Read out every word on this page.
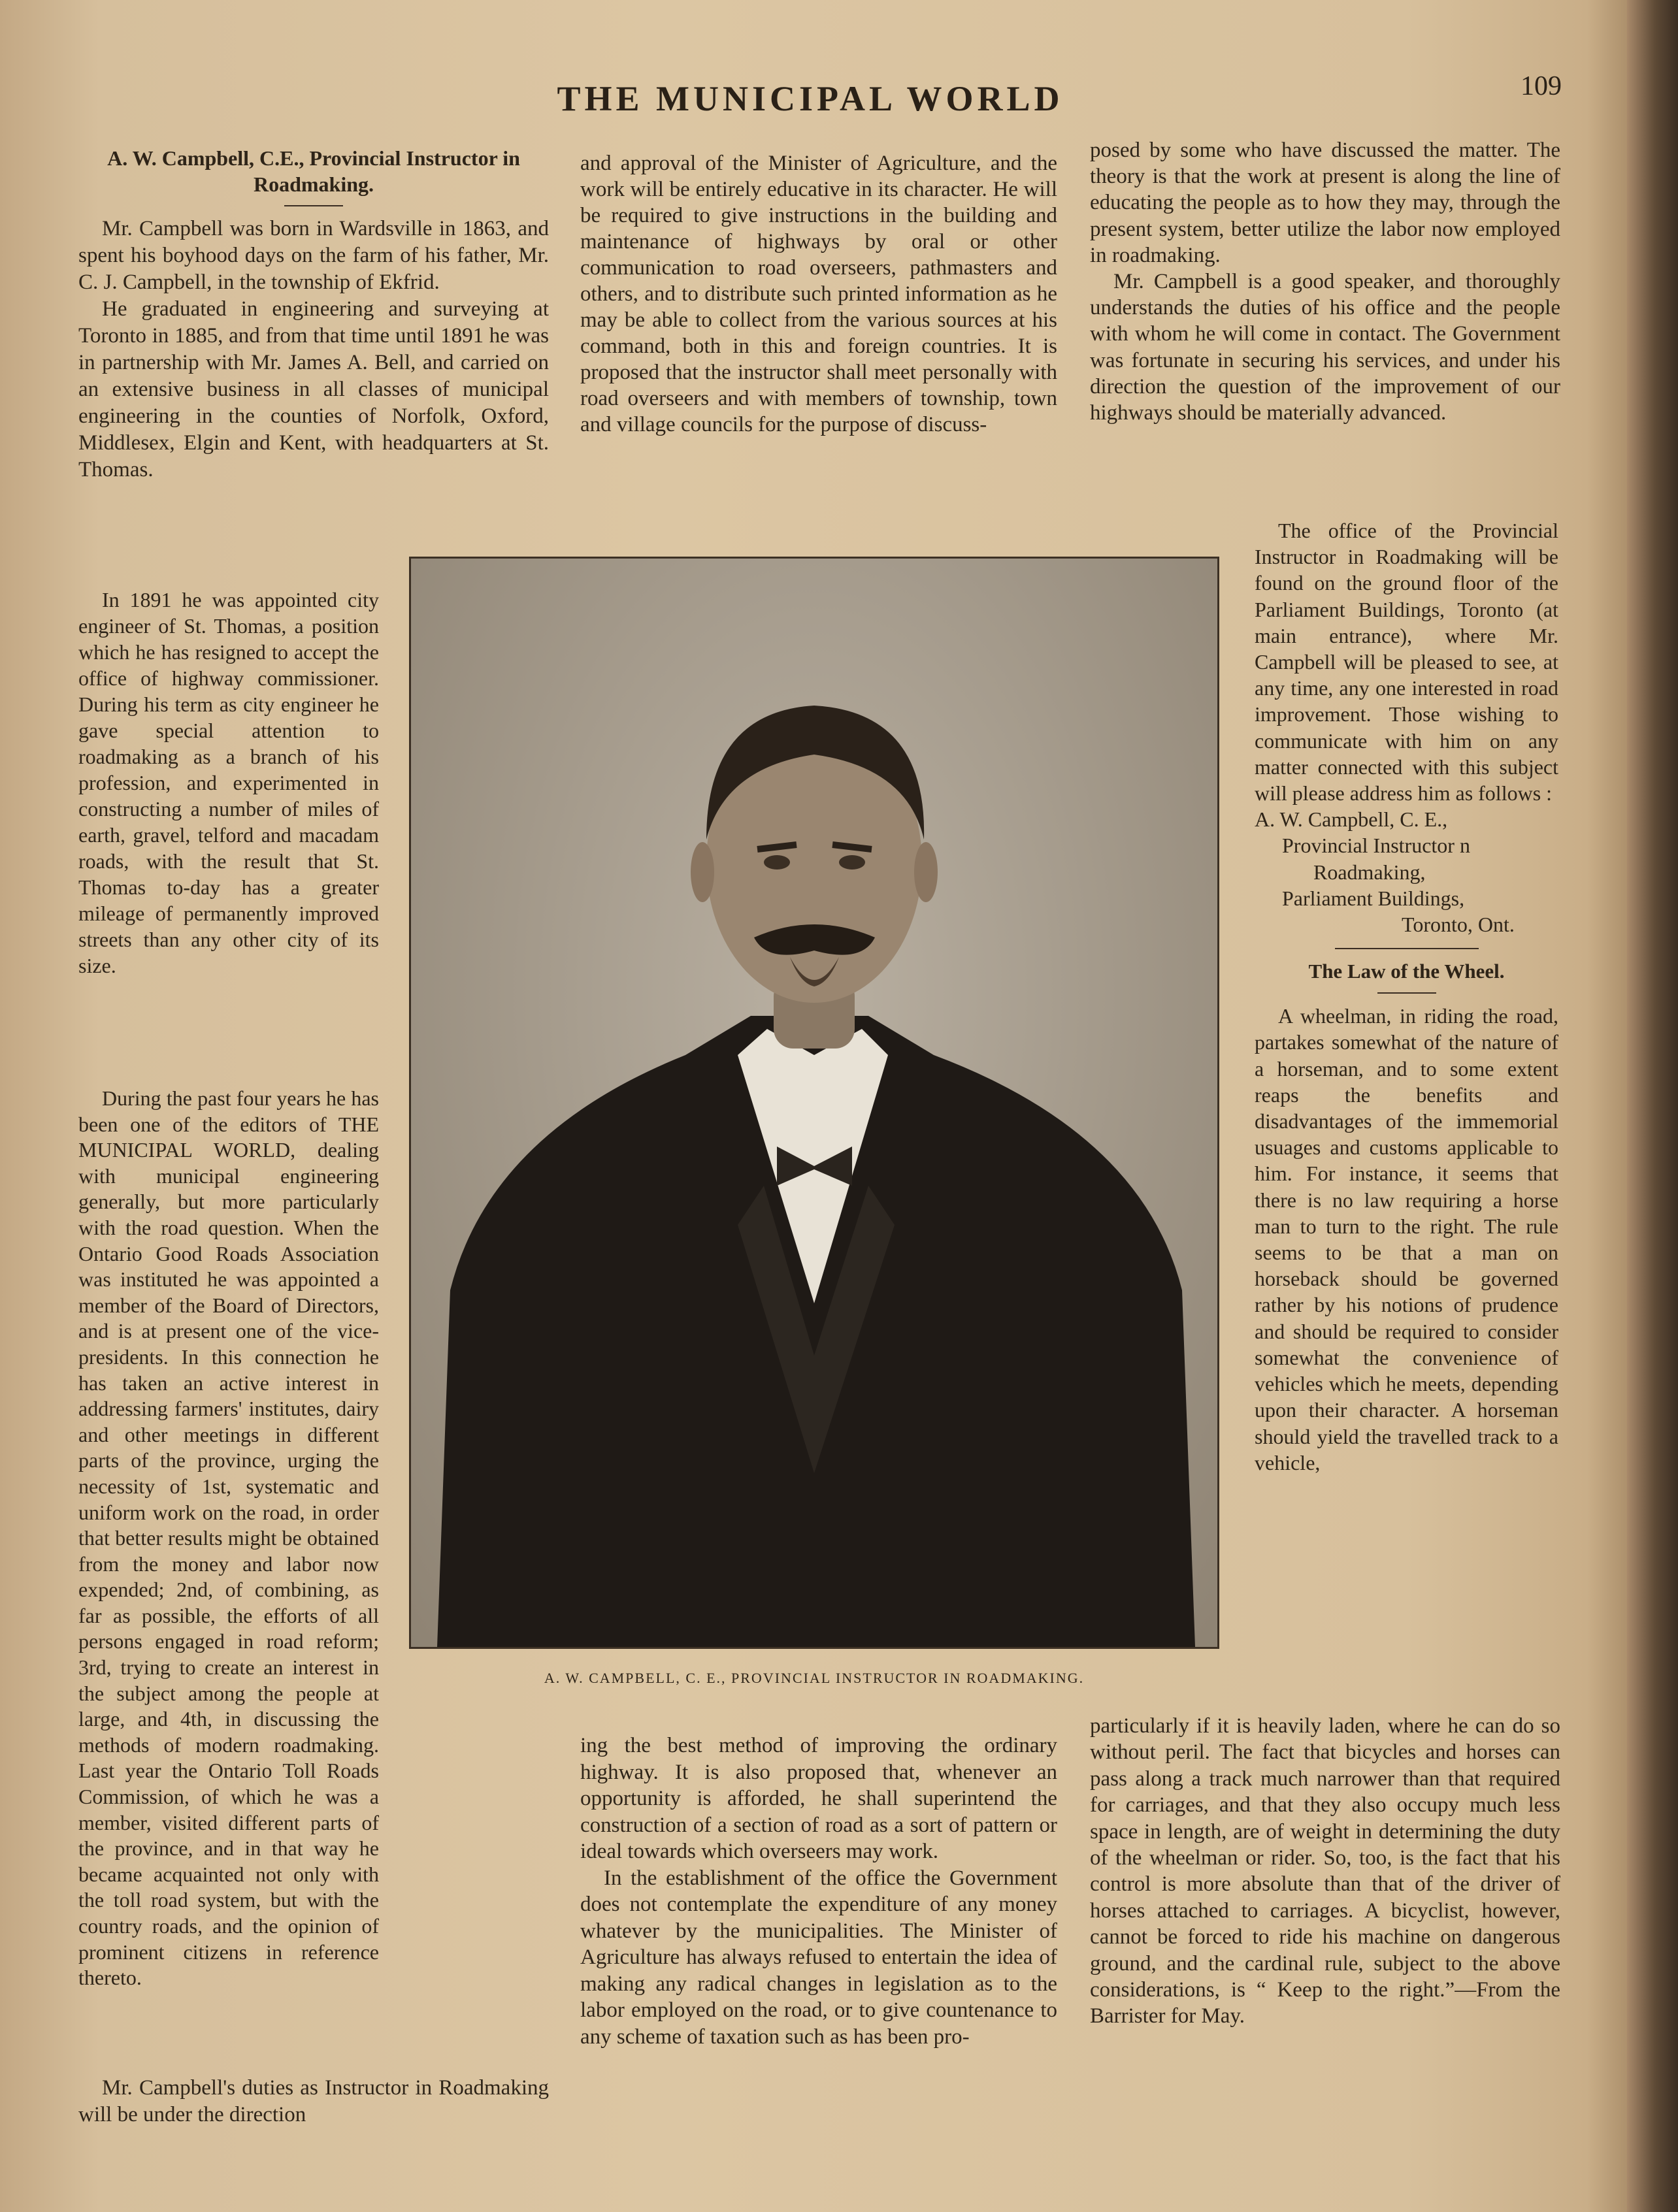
THE MUNICIPAL WORLD	109

A. W. Campbell, C.E., Provincial Instructor in Roadmaking.

Mr. Campbell was born in Wardsville in 1863, and spent his boyhood days on the farm of his father, Mr. C. J. Campbell, in the township of Ekfrid.

He graduated in engineering and surveying at Toronto in 1885, and from that time until 1891 he was in partnership with Mr. James A. Bell, and carried on an extensive business in all classes of municipal engineering in the counties of Norfolk, Oxford, Middlesex, Elgin and Kent, with headquarters at St. Thomas.

In 1891 he was appointed city engineer of St. Thomas, a position which he has resigned to accept the office of highway commissioner. During his term as city engineer he gave special attention to roadmaking as a branch of his profession, and experimented in constructing a number of miles of earth, gravel, telford and macadam roads, with the result that St. Thomas to-day has a greater mileage of permanently improved streets than any other city of its size.

During the past four years he has been one of the editors of THE MUNICIPAL WORLD, dealing with municipal engineering generally, but more particularly with the road question. When the Ontario Good Roads Association was instituted he was appointed a member of the Board of Directors, and is at present one of the vice-presidents. In this connection he has taken an active interest in addressing farmers' institutes, dairy and other meetings in different parts of the province, urging the necessity of 1st, systematic and uniform work on the road, in order that better results might be obtained from the money and labor now expended; 2nd, of combining, as far as possible, the efforts of all persons engaged in road reform; 3rd, trying to create an interest in the subject among the people at large, and 4th, in discussing the methods of modern roadmaking. Last year the Ontario Toll Roads Commission, of which he was a member, visited different parts of the province, and in that way he became acquainted not only with the toll road system, but with the country roads, and the opinion of prominent citizens in reference thereto.

Mr. Campbell's duties as Instructor in Roadmaking will be under the direction

and approval of the Minister of Agriculture, and the work will be entirely educative in its character. He will be required to give instructions in the building and maintenance of highways by oral or other communication to road overseers, pathmasters and others, and to distribute such printed information as he may be able to collect from the various sources at his command, both in this and foreign countries. It is proposed that the instructor shall meet personally with road overseers and with members of township, town and village councils for the purpose of discuss-

A. W. CAMPBELL, C. E., PROVINCIAL INSTRUCTOR IN ROADMAKING.

ing the best method of improving the ordinary highway. It is also proposed that, whenever an opportunity is afforded, he shall superintend the construction of a section of road as a sort of pattern or ideal towards which overseers may work.

In the establishment of the office the Government does not contemplate the expenditure of any money whatever by the municipalities. The Minister of Agriculture has always refused to entertain the idea of making any radical changes in legislation as to the labor employed on the road, or to give countenance to any scheme of taxation such as has been pro-

posed by some who have discussed the matter. The theory is that the work at present is along the line of educating the people as to how they may, through the present system, better utilize the labor now employed in roadmaking.

Mr. Campbell is a good speaker, and thoroughly understands the duties of his office and the people with whom he will come in contact. The Government was fortunate in securing his services, and under his direction the question of the improvement of our highways should be materially advanced.

The office of the Provincial Instructor in Roadmaking will be found on the ground floor of the Parliament Buildings, Toronto (at main entrance), where Mr. Campbell will be pleased to see, at any time, any one interested in road improvement. Those wishing to communicate with him on any matter connected with this subject will please address him as follows :

A. W. Campbell, C. E.,
Provincial Instructor n
Roadmaking,
Parliament Buildings,
Toronto, Ont.

The Law of the Wheel.

A wheelman, in riding the road, partakes somewhat of the nature of a horseman, and to some extent reaps the benefits and disadvantages of the immemorial usuages and customs applicable to him. For instance, it seems that there is no law requiring a horse man to turn to the right. The rule seems to be that a man on horseback should be governed rather by his notions of prudence and should be required to consider somewhat the convenience of vehicles which he meets, depending upon their character. A horseman should yield the travelled track to a vehicle,

particularly if it is heavily laden, where he can do so without peril. The fact that bicycles and horses can pass along a track much narrower than that required for carriages, and that they also occupy much less space in length, are of weight in determining the duty of the wheelman or rider. So, too, is the fact that his control is more absolute than that of the driver of horses attached to carriages. A bicyclist, however, cannot be forced to ride his machine on dangerous ground, and the cardinal rule, subject to the above considerations, is “ Keep to the right.”—From the Barrister for May.
